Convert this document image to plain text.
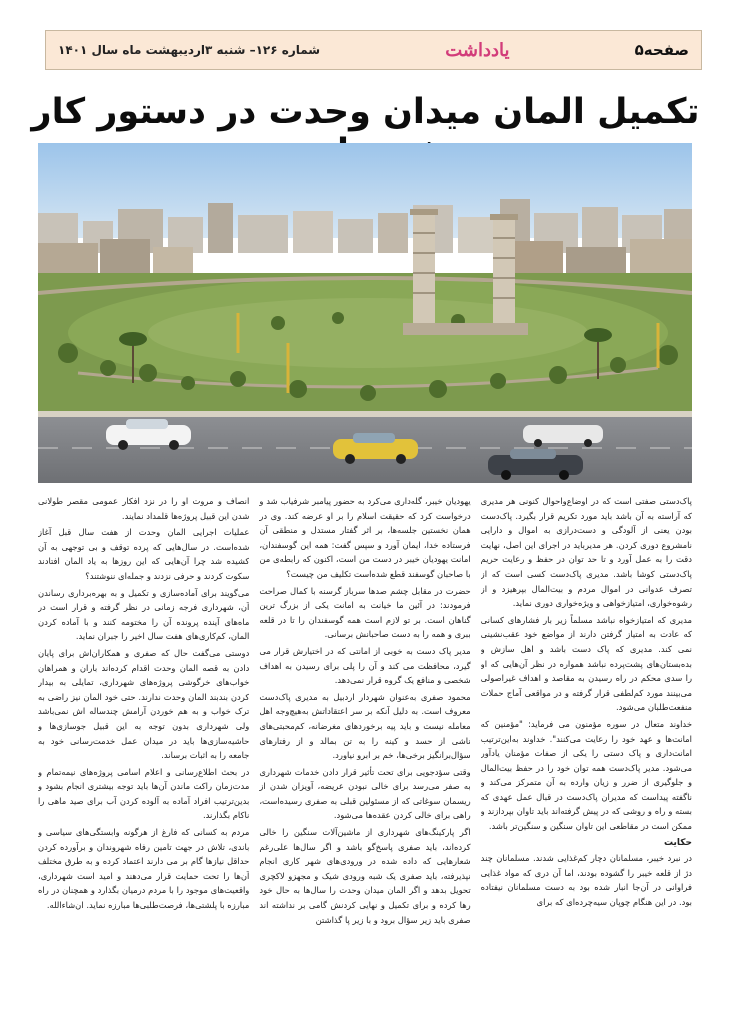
صفحه۵
یادداشت
شماره ۱۲۶– شنبه ۳اردیبهشت ماه سال ۱۴۰۱
تکمیل المان میدان وحدت در دستور کار

پاک‌دستی صفتی است که در اوضاع‌واحوال کنونی هر مدیری که آراسته به آن باشد باید مورد تکریم قرار بگیرد. پاک‌دست بودن یعنی از آلودگی و دست‌درازی به اموال و دارایی نامشروع دوری کردن. هر مدیرباید در اجرای این اصل، نهایت دقت را به عمل آورد و تا حد توان در حفظ و رعایت حریم پاک‌دستی کوشا باشد. مدیری پاک‌دست کسی است که از تصرف عدوانی در اموال مردم و بیت‌المال بپرهیزد و از رشوه‌خواری، امتیازخواهی و ویژه‌خواری دوری نماید.

مدیری که امتیازخواه نباشد مسلماً زیر بار فشارهای کسانی که عادت به امتیاز گرفتن دارند از مواضع خود عقب‌نشینی نمی کند. مدیری که پاک دست باشد و اهل سازش و بده‌بستان‌های پشت‌پرده نباشد همواره در نظر آن‌هایی که او را سدی محکم در راه رسیدن به مقاصد و اهداف غیراصولی می‌بینند مورد کم‌لطفی قرار گرفته و در مواقعی آماج حملات منفعت‌طلبان می‌شود.

خداوند متعال در سوره مؤمنون می فرماید: "مؤمنین که امانت‌ها و عهد خود را رعایت می‌کنند". خداوند به‌این‌ترتیب امانت‌داری و پاک دستی را یکی از صفات مؤمنان یادآور می‌شود. مدیر پاک‌دست همه توان خود را در حفظ بیت‌المال و جلوگیری از ضرر و زیان وارده به آن متمرکز می‌کند و ناگفته پیداست که مدیران پاک‌دست در قبال عمل عهدی که بسته و راه و روشی که در پیش گرفته‌اند باید تاوان بپردازند و ممکن است در مقاطعی این تاوان سنگین و سنگین‌تر باشد.

حکایت

در نبرد خیبر، مسلمانان دچار کم‌غذایی شدند. مسلمانان چند دژ از قلعه خیبر را گشوده بودند، اما آن دری که مواد غذایی فراوانی در آن‌جا انبار شده بود به دست مسلمانان نیفتاده بود. در این هنگام چوپان سیه‌چرده‌ای که برای

یهودیان خیبر، گله‌داری می‌کرد به حضور پیامبر شرفیاب شد و درخواست کرد که حقیقت اسلام را بر او عرضه کند. وی در همان نخستین جلسه‌ها، بر اثر گفتار مستدل و منطقی آن فرستاده خدا، ایمان آورد و سپس گفت: همه این گوسفندان، امانت یهودیان خیبر در دست من است، اکنون که رابطه‌ی من با صاحبان گوسفند قطع شده‌است تکلیف من چیست؟

حضرت در مقابل چشم صدها سرباز گرسنه با کمال صراحت فرمودند: در آئین ما خیانت به امانت یکی از بزرگ ترین گناهان است. بر تو لازم است همه گوسفندان را تا در قلعه ببری و همه را به دست صاحبانش برسانی.

مدیر پاک دست به خوبی از امانتی که در اختیارش قرار می گیرد، محافظت می کند و آن را پلی برای رسیدن به اهداف شخصی و منافع یک گروه قرار نمی‌دهد.

محمود صفری به‌عنوان شهردار اردبیل به مدیری پاک‌دست معروف است. به دلیل آنکه بر سر اعتقاداتش به‌هیچ‌وجه اهل معامله نیست و باید پیه برخوردهای مغرضانه، کم‌محبتی‌های ناشی از حسد و کینه را به تن بمالد و از رفتارهای سؤال‌برانگیز برخی‌ها، خم بر ابرو نیاورد.

وقتی سؤدجویی برای تحت تأثیر قرار دادن خدمات شهرداری به صفر می‌رسد برای خالی نبودن عریضه، آویزان شدن از ریسمان سوغاتی که از مسئولین قبلی به صفری رسیده‌است، راهی برای خالی کردن عقده‌ها می‌شود.

اگر پارکینگ‌های شهرداری از ماشین‌آلات سنگین را خالی کرده‌اند، باید صفری پاسخ‌گو باشد و اگر سال‌ها علی‌رغم شعارهایی که داده شده در ورودی‌های شهر کاری انجام نپذیرفته، باید صفری یک شبه ورودی شیک و مجهزو لاکچری تحویل بدهد و اگر المان میدان وحدت را سال‌ها به حال خود رها کرده و برای تکمیل و نهایی کردنش گامی بر نداشته اند صفری باید زیر سؤال برود و با زیر پا گذاشتن

انصاف و مروت او را در نزد افکار عمومی مقصر طولانی شدن این قبیل پروژه‌ها قلمداد نمایند.

عملیات اجرایی المان وحدت از هفت سال قبل آغاز شده‌است. در سال‌هایی که پرده توقف و بی توجهی به آن کشیده شد چرا آن‌هایی که این روزها به یاد المان افتادند سکوت کردند و حرفی نزدند و جمله‌ای ننوشتند؟

می‌گویند برای آماده‌سازی و تکمیل و به بهره‌برداری رساندن آن، شهرداری فرجه زمانی در نظر گرفته و قرار است در ماه‌های آینده پرونده آن را مختومه کنند و با آماده کردن المان، کم‌کاری‌های هفت سال اخیر را جبران نماید.

دوستی می‌گفت حال که صفری و همکاران‌اش برای پایان دادن به قصه المان وحدت اقدام کرده‌اند باران و همراهان خواب‌های خرگوشی پروژه‌های شهرداری، تمایلی به بیدار کردن بندبند المان وحدت ندارند. حتی خود المان نیز راضی به ترک خواب و به هم خوردن آرامش چندساله اش نمی‌باشد ولی شهرداری بدون توجه به این قبیل جوسازی‌ها و حاشیه‌سازی‌ها باید در میدان عمل خدمت‌رسانی خود به جامعه را به اثبات برساند.

در بحث اطلاع‌رسانی و اعلام اسامی پروژه‌های نیمه‌تمام و مدت‌زمان راکت ماندن آن‌ها باید توجه بیشتری انجام بشود و بدین‌ترتیب افراد آماده به آلوده کردن آب برای صید ماهی را ناکام بگذارند.

مردم به کسانی که فارغ از هرگونه وابستگی‌های سیاسی و باندی، تلاش در جهت تامین رفاه شهروندان و برآورده کردن حداقل نیازها گام بر می دارند اعتماد کرده و به طرق مختلف آن‌ها را تحت حمایت قرار می‌دهند و امید است شهرداری، واقعیت‌های موجود را با مردم درمیان بگذارد و همچنان در راه مبارزه با پلشتی‌ها، فرصت‌طلبی‌ها مبارزه نماید. ان‌شاءالله.
